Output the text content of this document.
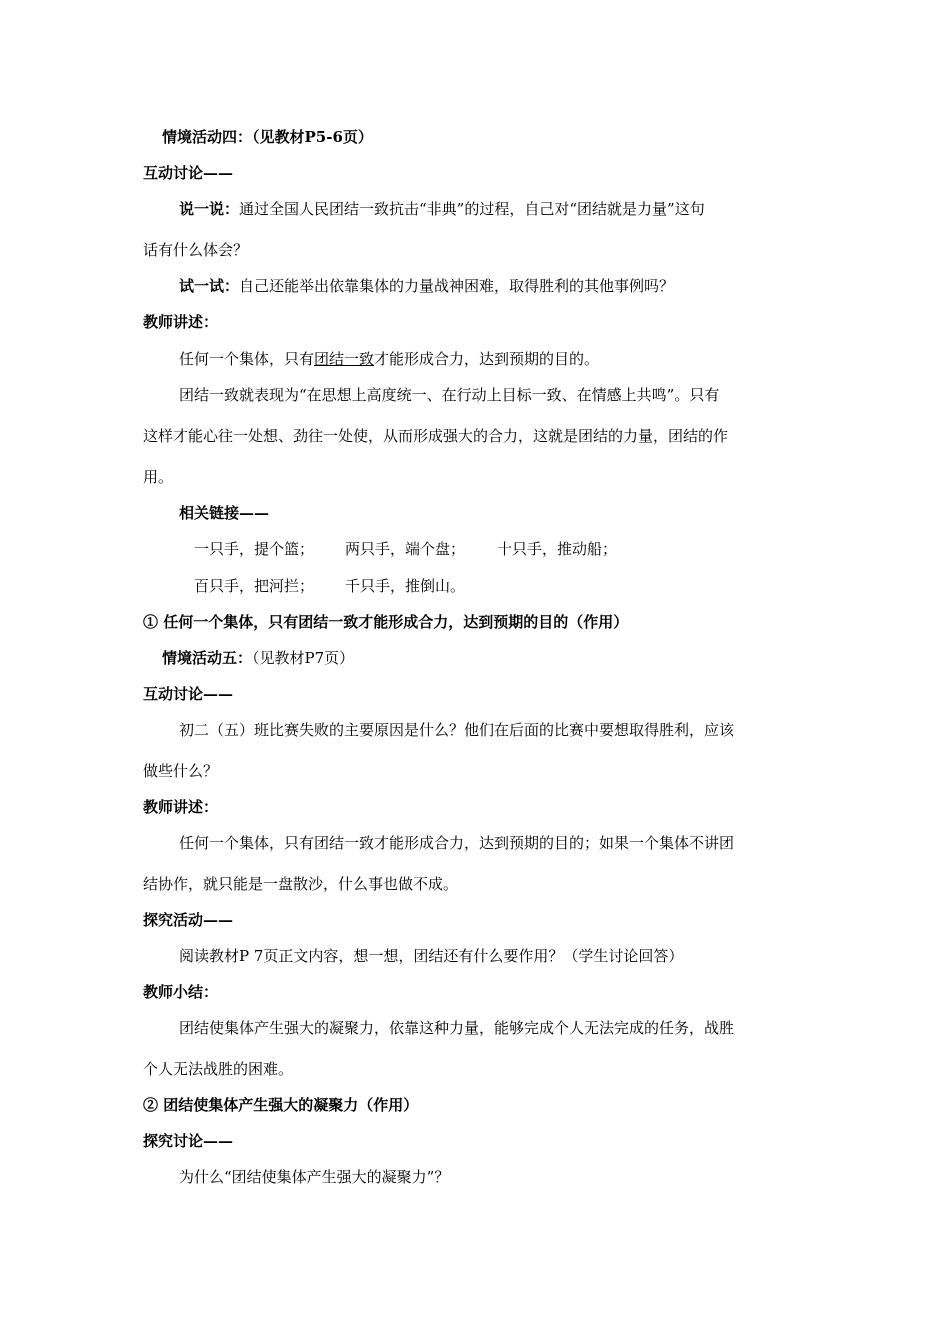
情境活动四：（见教材P5-6页）
互动讨论——
说一说：通过全国人民团结一致抗击“非典”的过程，自己对“团结就是力量”这句
话有什么体会？
试一试：自己还能举出依靠集体的力量战神困难，取得胜利的其他事例吗？
教师讲述：
任何一个集体，只有团结一致才能形成合力，达到预期的目的。
团结一致就表现为“在思想上高度统一、在行动上目标一致、在情感上共鸣”。只有
这样才能心往一处想、劲往一处使，从而形成强大的合力，这就是团结的力量，团结的作
用。
相关链接——
一只手，提个篮； 两只手，端个盘； 十只手，推动船；
百只手，把河拦； 千只手，推倒山。
① 任何一个集体，只有团结一致才能形成合力，达到预期的目的（作用）
情境活动五：（见教材P7页）
互动讨论——
初二（五）班比赛失败的主要原因是什么？他们在后面的比赛中要想取得胜利，应该
做些什么？
教师讲述：
任何一个集体，只有团结一致才能形成合力，达到预期的目的；如果一个集体不讲团
结协作，就只能是一盘散沙，什么事也做不成。
探究活动——
阅读教材P 7页正文内容，想一想，团结还有什么要作用？（学生讨论回答）
教师小结：
团结使集体产生强大的凝聚力，依靠这种力量，能够完成个人无法完成的任务，战胜
个人无法战胜的困难。
② 团结使集体产生强大的凝聚力（作用）
探究讨论——
为什么“团结使集体产生强大的凝聚力”？
